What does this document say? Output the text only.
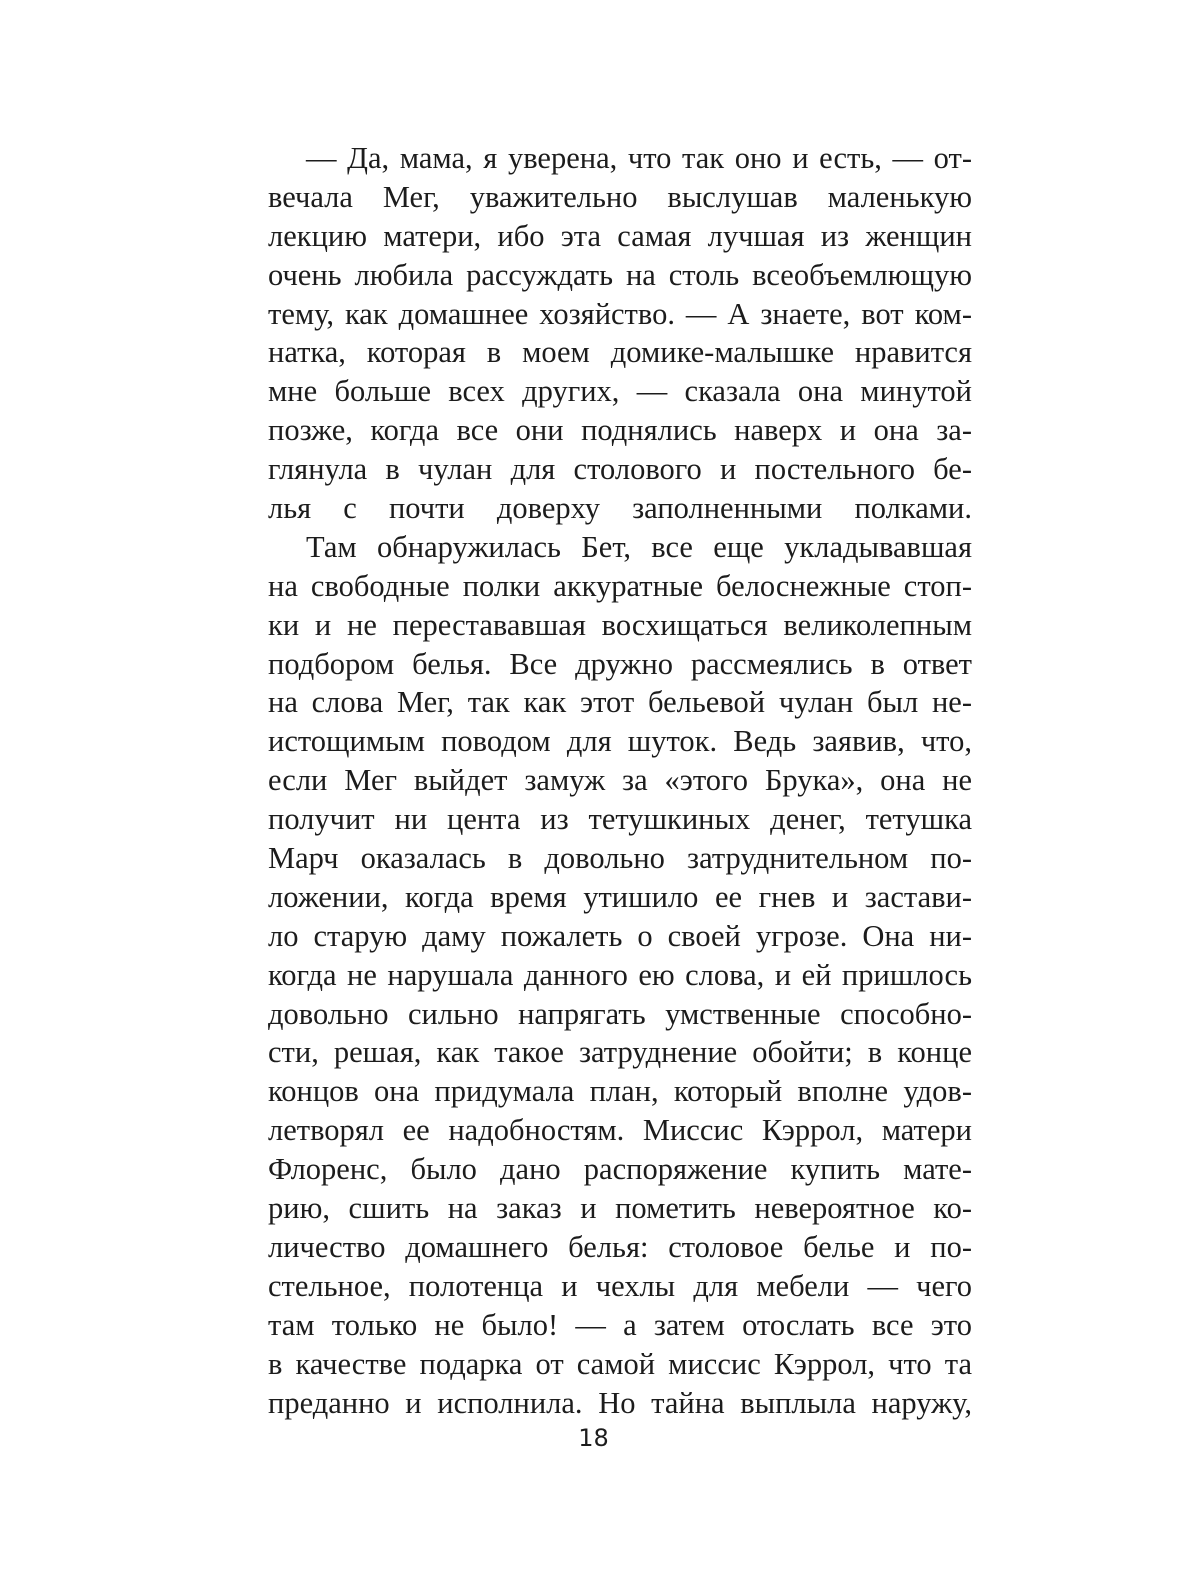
— Да, мама, я уверена, что так оно и есть, — от-
вечала Мег, уважительно выслушав маленькую
лекцию матери, ибо эта самая лучшая из женщин
очень любила рассуждать на столь всеобъемлющую
тему, как домашнее хозяйство. — А знаете, вот ком-
натка, которая в моем домике-малышке нравится
мне больше всех других, — сказала она минутой
позже, когда все они поднялись наверх и она за-
глянула в чулан для столового и постельного бе-
лья с почти доверху заполненными полками.
Там обнаружилась Бет, все еще укладывавшая
на свободные полки аккуратные белоснежные стоп-
ки и не перестававшая восхищаться великолепным
подбором белья. Все дружно рассмеялись в ответ
на слова Мег, так как этот бельевой чулан был не-
истощимым поводом для шуток. Ведь заявив, что,
если Мег выйдет замуж за «этого Брука», она не
получит ни цента из тетушкиных денег, тетушка
Марч оказалась в довольно затруднительном по-
ложении, когда время утишило ее гнев и застави-
ло старую даму пожалеть о своей угрозе. Она ни-
когда не нарушала данного ею слова, и ей пришлось
довольно сильно напрягать умственные способно-
сти, решая, как такое затруднение обойти; в конце
концов она придумала план, который вполне удов-
летворял ее надобностям. Миссис Кэррол, матери
Флоренс, было дано распоряжение купить мате-
рию, сшить на заказ и пометить невероятное ко-
личество домашнего белья: столовое белье и по-
стельное, полотенца и чехлы для мебели — чего
там только не было! — а затем отослать все это
в качестве подарка от самой миссис Кэррол, что та
преданно и исполнила. Но тайна выплыла наружу,
18
